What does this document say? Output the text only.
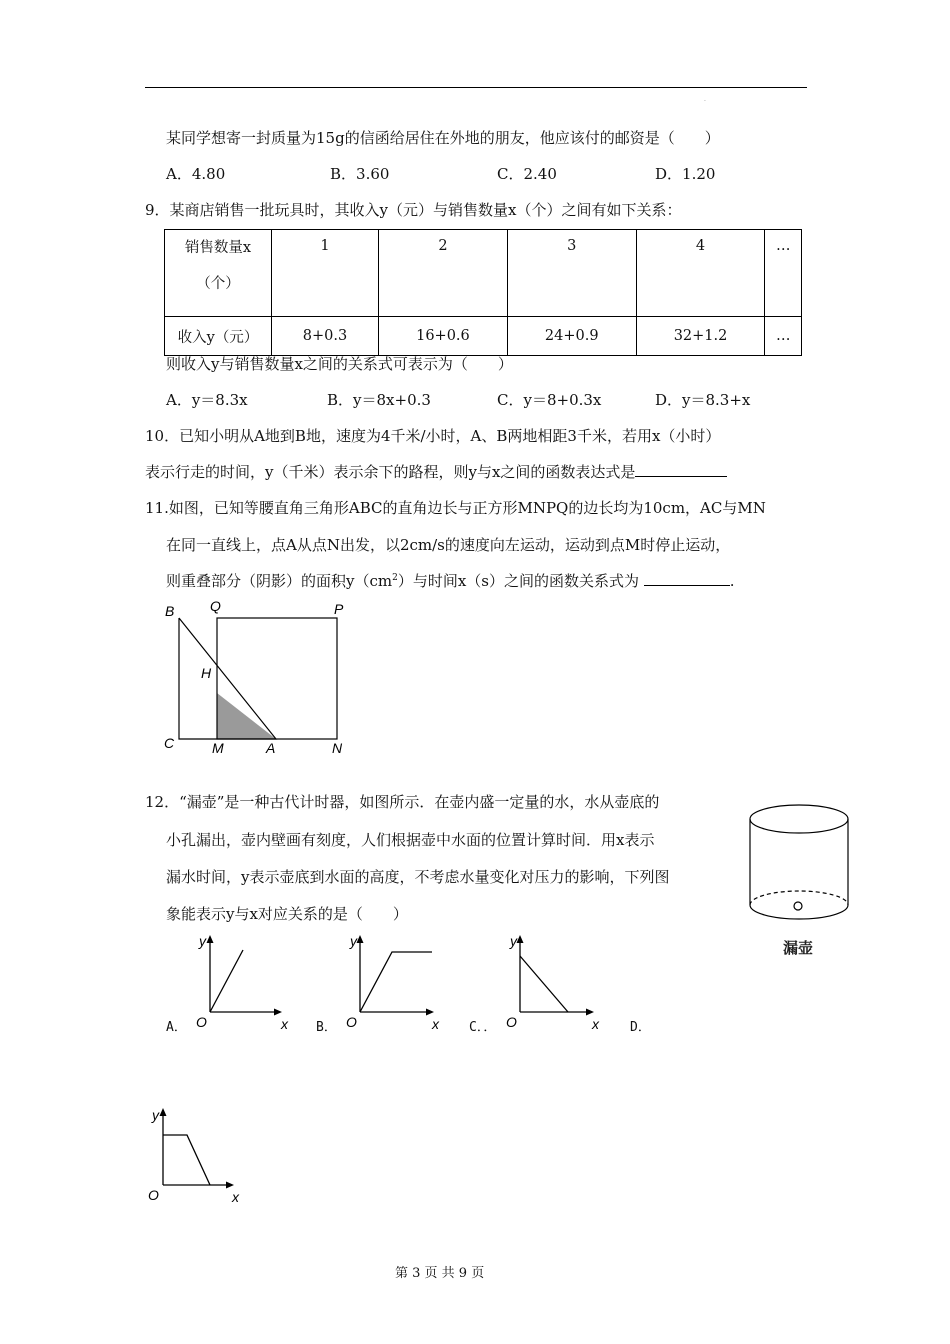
.
某同学想寄一封质量为15g的信函给居住在外地的朋友，他应该付的邮资是（　　）
A．4.80	B．3.60	C．2.40	D．1.20
9．某商店销售一批玩具时，其收入y（元）与销售数量x（个）之间有如下关系：
销售数量x
（个）	1	2	3	4	…
收入y（元）	8+0.3	16+0.6	24+0.9	32+1.2	…
则收入y与销售数量x之间的关系式可表示为（　　）
A．y＝8.3x	B．y＝8x+0.3	C．y＝8+0.3x	D．y＝8.3+x
10．已知小明从A地到B地，速度为4千米/小时，A、B两地相距3千米，若用x（小时）
表示行走的时间，y（千米）表示余下的路程，则y与x之间的函数表达式是
11.如图，已知等腰直角三角形ABC的直角边长与正方形MNPQ的边长均为10cm，AC与MN
在同一直线上，点A从点N出发，以2cm/s的速度向左运动，运动到点M时停止运动，
则重叠部分（阴影）的面积$y(cm^2)$与时间x（s）之间的函数关系式为	.
B	Q	P
H
C	M	A	N
12．“漏壶”是一种古代计时器，如图所示．在壶内盛一定量的水，水从壶底的
小孔漏出，壶内壁画有刻度，人们根据壶中水面的位置计算时间．用x表示
漏水时间，y表示壶底到水面的高度，不考虑水量变化对压力的影响，下列图
象能表示y与x对应关系的是（　　）
漏壶
y
O	x
A．
y
O	x
B．
y
O	x
C．．	D．
y
O	x
第 3 页 共 9 页
